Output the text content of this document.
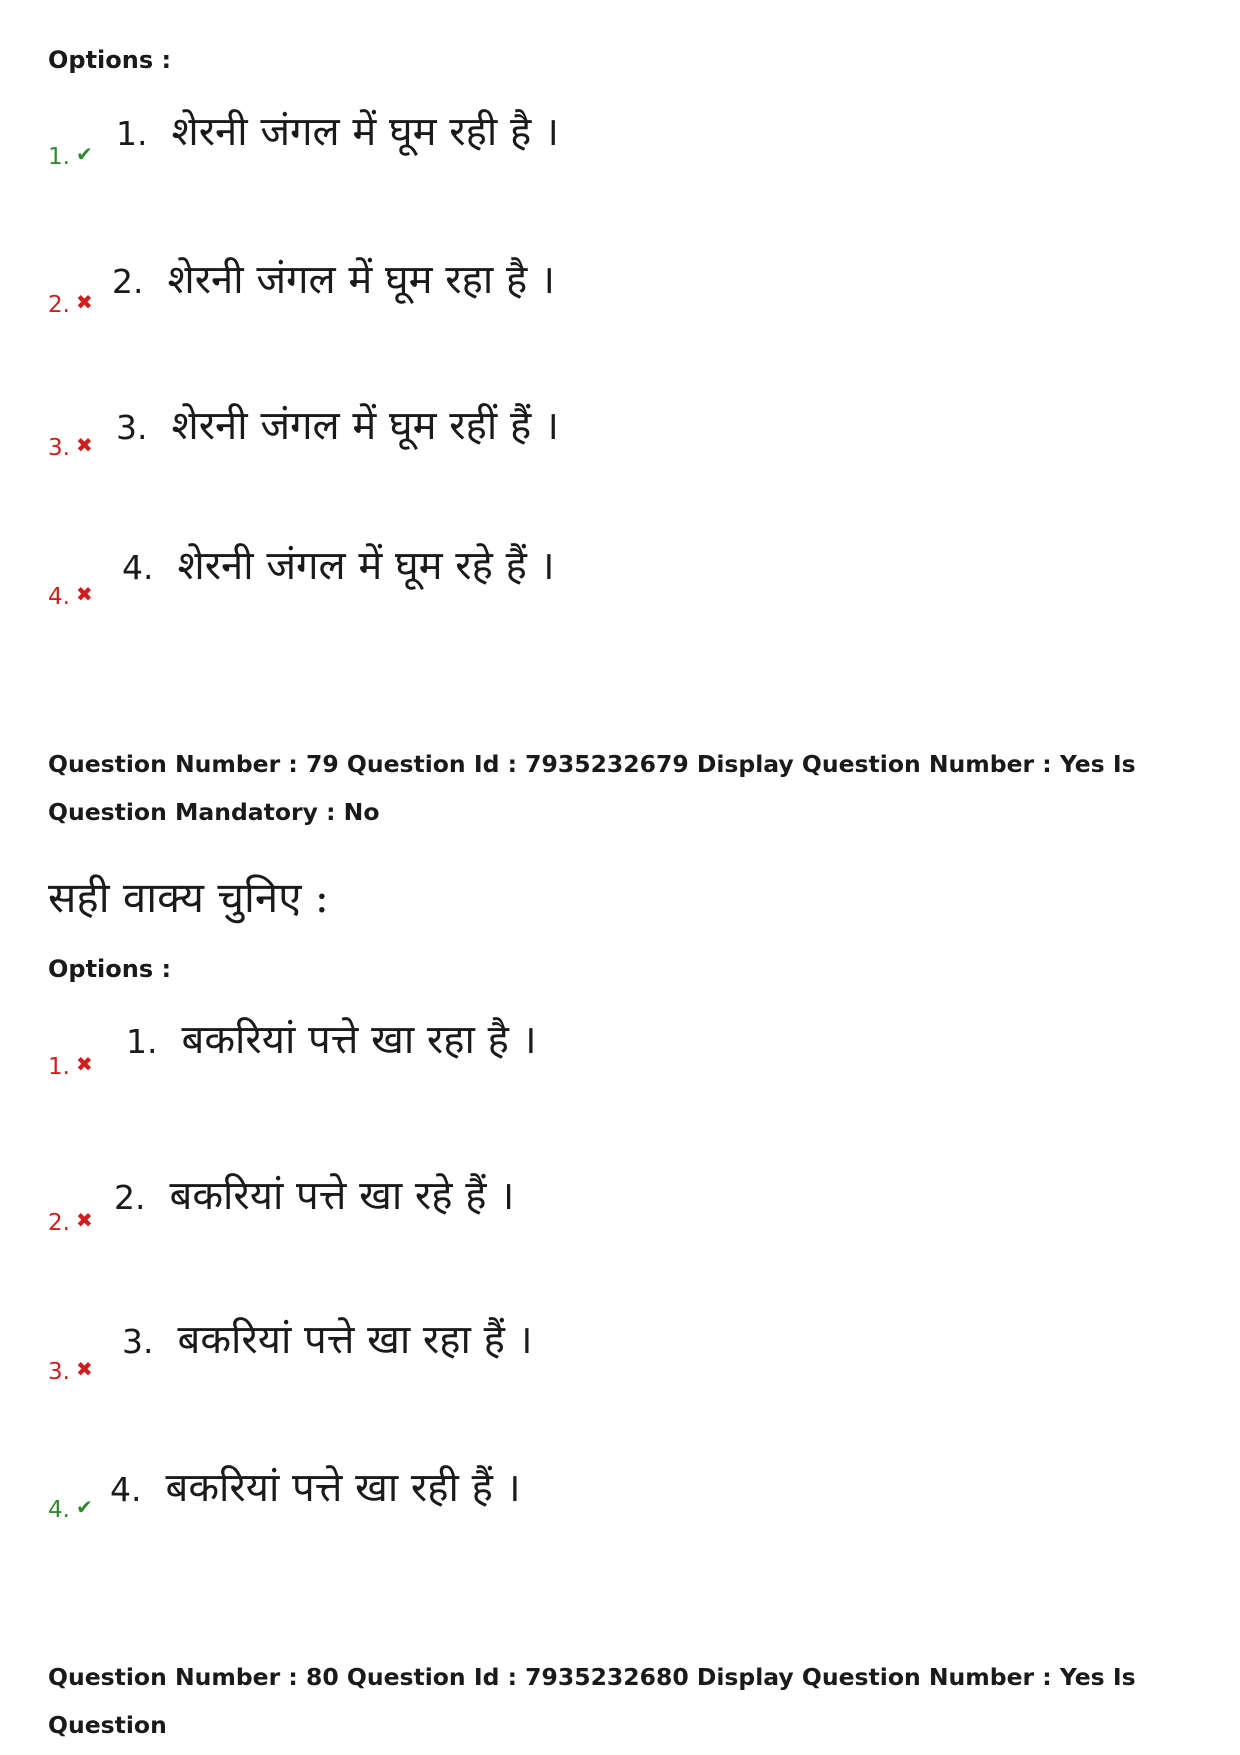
Options :
1. ✔
1. शेरनी जंगल में घूम रही है ।
2. ✖
2. शेरनी जंगल में घूम रहा है ।
3. ✖ 3. शेरनी जंगल में घूम रहीं हैं ।
4. ✖
4. शेरनी जंगल में घूम रहे हैं ।
Question Number : 79 Question Id : 7935232679 Display Question Number : Yes Is Question Mandatory : No
सही वाक्य चुनिए :
Options :
1. ✖
1. बकरियां पत्ते खा रहा है ।
2. ✖
2. बकरियां पत्ते खा रहे हैं ।
3. ✖
3. बकरियां पत्ते खा रहा हैं ।
4. ✔ 4. बकरियां पत्ते खा रही हैं ।
Question Number : 80 Question Id : 7935232680 Display Question Number : Yes Is Question
